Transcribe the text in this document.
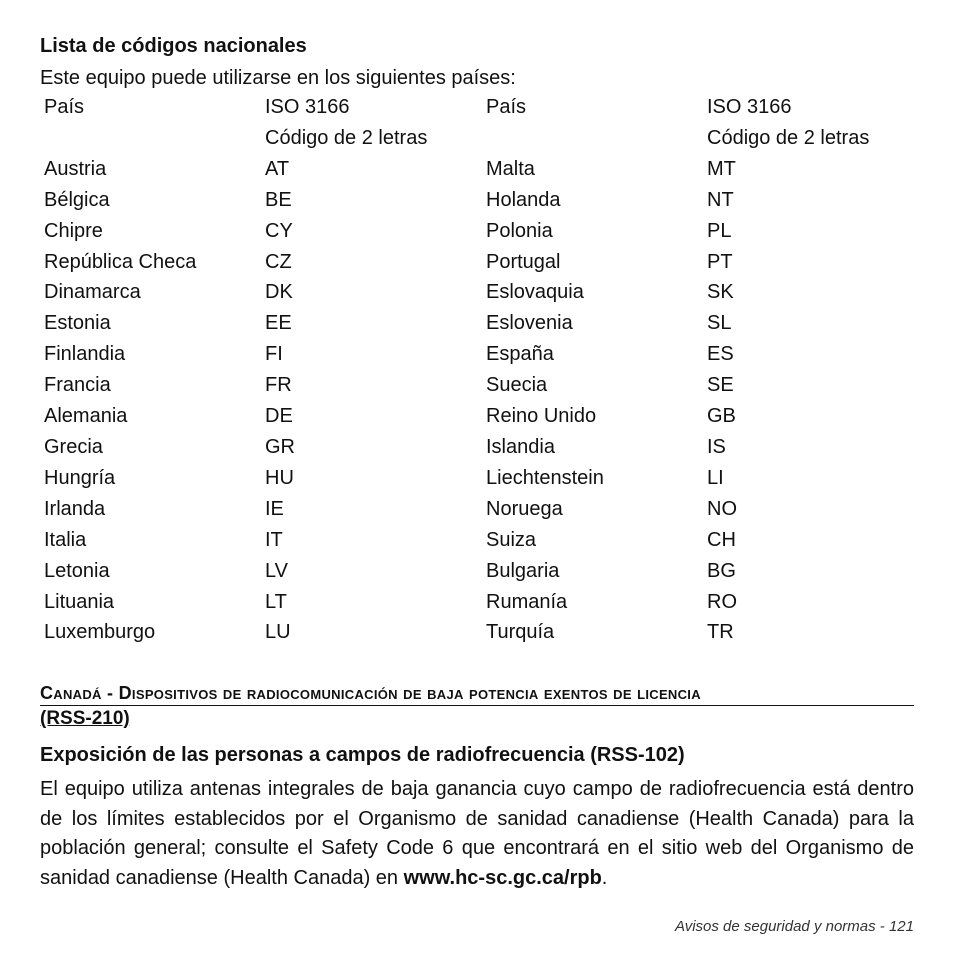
Lista de códigos nacionales
Este equipo puede utilizarse en los siguientes países:
País	ISO 3166	País	ISO 3166
	Código de 2 letras		Código de 2 letras
Austria	AT	Malta	MT
Bélgica	BE	Holanda	NT
Chipre	CY	Polonia	PL
República Checa	CZ	Portugal	PT
Dinamarca	DK	Eslovaquia	SK
Estonia	EE	Eslovenia	SL
Finlandia	FI	España	ES
Francia	FR	Suecia	SE
Alemania	DE	Reino Unido	GB
Grecia	GR	Islandia	IS
Hungría	HU	Liechtenstein	LI
Irlanda	IE	Noruega	NO
Italia	IT	Suiza	CH
Letonia	LV	Bulgaria	BG
Lituania	LT	Rumanía	RO
Luxemburgo	LU	Turquía	TR
Canadá - Dispositivos de radiocomunicación de baja potencia exentos de licencia
(RSS-210)
Exposición de las personas a campos de radiofrecuencia (RSS-102)
El equipo utiliza antenas integrales de baja ganancia cuyo campo de radiofrecuencia está dentro de los límites establecidos por el Organismo de sanidad canadiense (Health Canada) para la población general; consulte el Safety Code 6 que encontrará en el sitio web del Organismo de sanidad canadiense (Health Canada) en www.hc-sc.gc.ca/rpb.
Avisos de seguridad y normas - 121
